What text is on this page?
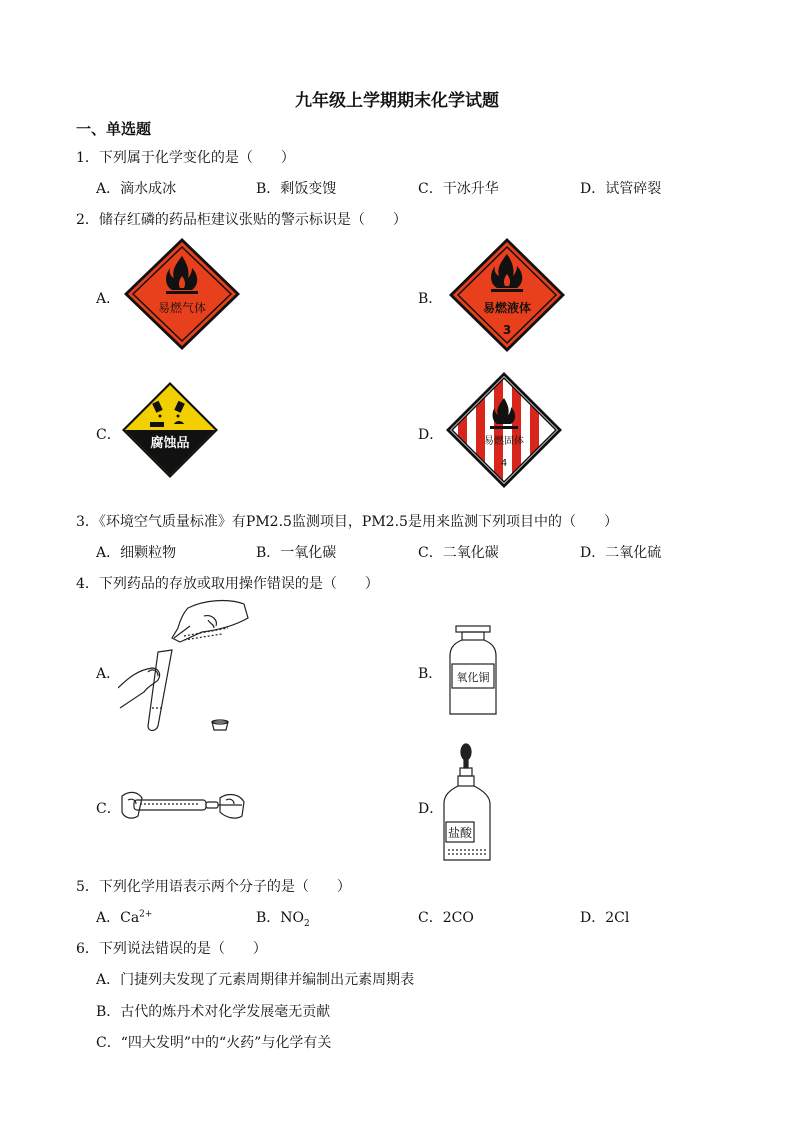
九年级上学期期末化学试题
一、单选题
1．下列属于化学变化的是（　　）
A．滴水成冰	B．剩饭变馊	C．干冰升华	D．试管碎裂
2．储存红磷的药品柜建议张贴的警示标识是（　　）
A．	B．
C．	D．
易燃气体	易燃液体
3
腐蚀品	易燃固体
4
3．《环境空气质量标准》有PM2.5监测项目，PM2.5是用来监测下列项目中的（　　）
A．细颗粒物	B．一氧化碳	C．二氧化碳	D．二氧化硫
4．下列药品的存放或取用操作错误的是（　　）
A．	B．
C．	D．
氧化铜
盐酸
5．下列化学用语表示两个分子的是（　　）
A．$Ca^{2+}$	B．$NO_2$	C．2CO	D．2Cl
6．下列说法错误的是（　　）
A．门捷列夫发现了元素周期律并编制出元素周期表
B．古代的炼丹术对化学发展毫无贡献
C．“四大发明”中的“火药”与化学有关
